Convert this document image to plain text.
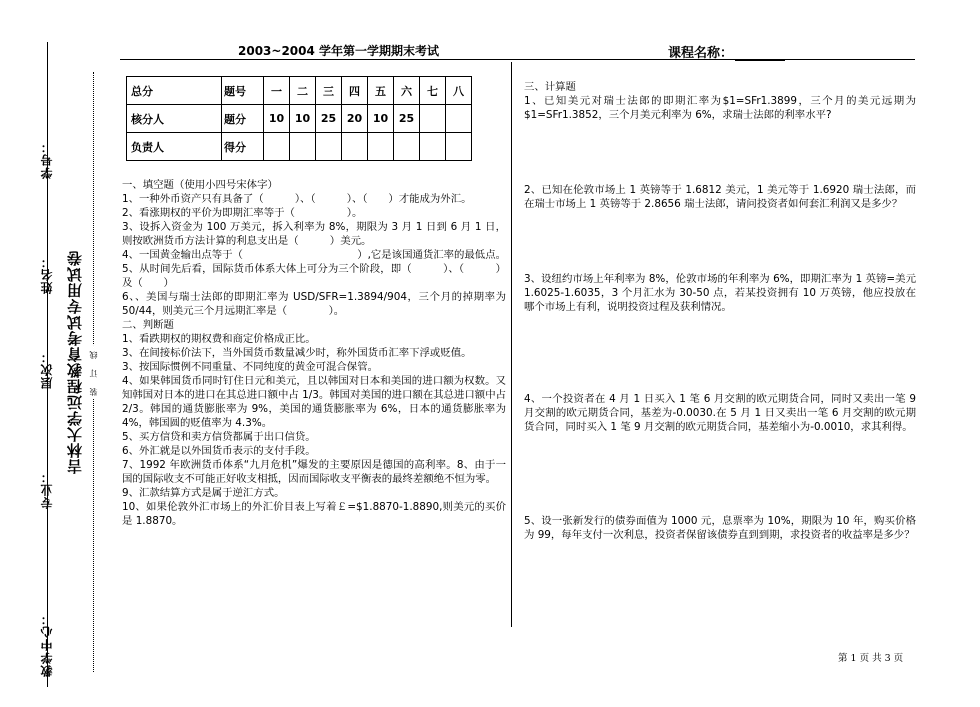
2003~2004 学年第一学期期末考试	课程名称：
学号：
姓名：
层次：
专业：
教学中心：
吉林大学远程教育考试专用试卷 装 订 线
总分	题号	一	二	三	四	五	六	七	八
核分人	题分	10	10	25	20	10	25		
负责人	得分								

一、填空题（使用小四号宋体字）

1、一种外币资产只有具备了（　　　）、（　　　）、（　　）才能成为外汇。

2、看涨期权的平价为即期汇率等于（　　　　　）。

3、设拆入资金为 100 万美元，拆入利率为 8%，期限为 3 月 1 日到 6 月 1 日，则按欧洲货币方法计算的利息支出是（　　　）美元。

4、一国黄金输出点等于（　　　　　　　　　　　）,它是该国通货汇率的最低点。

5、从时间先后看，国际货币体系大体上可分为三个阶段，即（　　　）、（　　　）及（　　）

6、、美国与瑞士法郎的即期汇率为 USD/SFR=1.3894/904，三个月的掉期率为 50/44，则美元三个月远期汇率是（　　　　）。

二、判断题

1、看跌期权的期权费和商定价格成正比。

3、在间接标价法下，当外国货币数量减少时，称外国货币汇率下浮或贬值。

3、按国际惯例不同重量、不同纯度的黄金可混合保管。

4、如果韩国货币同时钉住日元和美元，且以韩国对日本和美国的进口额为权数。又知韩国对日本的进口在其总进口额中占 1/3。韩国对美国的进口额在其总进口额中占 2/3。韩国的通货膨胀率为 9%，美国的通货膨胀率为 6%，日本的通货膨胀率为 4%，韩国圆的贬值率为 4.3%。

5、买方信贷和卖方信贷都属于出口信贷。

6、外汇就是以外国货币表示的支付手段。

7、1992 年欧洲货币体系“九月危机”爆发的主要原因是德国的高利率。8、由于一国的国际收支不可能正好收支相抵，因而国际收支平衡表的最终差额绝不恒为零。

9、汇款结算方式是属于逆汇方式。

10、如果伦敦外汇市场上的外汇价目表上写着￡=$1.8870-1.8890,则美元的买价是 1.8870。

三、计算题

1、已知美元对瑞士法郎的即期汇率为$1=SFr1.3899，三个月的美元远期为$1=SFr1.3852，三个月美元利率为 6%，求瑞士法郎的利率水平?

2、已知在伦敦市场上 1 英镑等于 1.6812 美元，1 美元等于 1.6920 瑞士法郎，而在瑞士市场上 1 英镑等于 2.8656 瑞士法郎，请问投资者如何套汇利润又是多少？

3、设纽约市场上年利率为 8%，伦敦市场的年利率为 6%，即期汇率为 1 英镑=美元 1.6025-1.6035，3 个月汇水为 30-50 点，若某投资拥有 10 万英镑，他应投放在哪个市场上有利，说明投资过程及获利情况。

4、一个投资者在 4 月 1 日买入 1 笔 6 月交割的欧元期货合同，同时又卖出一笔 9 月交割的欧元期货合同，基差为-0.0030.在 5 月 1 日又卖出一笔 6 月交割的欧元期货合同，同时买入 1 笔 9 月交割的欧元期货合同，基差缩小为-0.0010，求其利得。

5、设一张新发行的债券面值为 1000 元，息票率为 10%，期限为 10 年，购买价格为 99，每年支付一次利息，投资者保留该债券直到到期，求投资者的收益率是多少？

第 1 页 共 3 页
